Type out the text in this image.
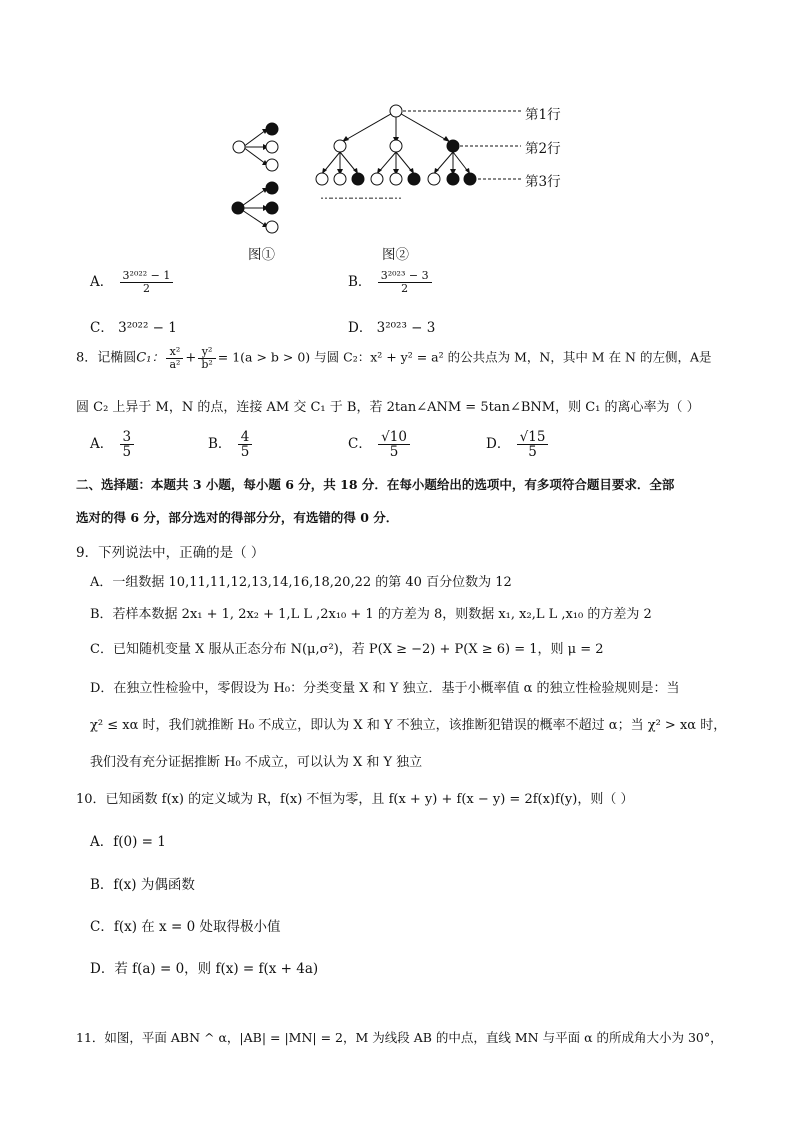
第1行
第2行
第3行
……………………
图①	图②
A． $\frac{\text{3²⁰²² − 1}}{2}$	B． $\frac{\text{3²⁰²³ − 3}}{2}$
C． 3²⁰²² − 1	D． 3²⁰²³ − 3
8．记椭圆C₁： $\frac{\text{x²}}{\text{a²}} + \frac{\text{y²}}{\text{b²}} = 1(a > b > 0)$ 与圆 C₂：x² + y² = a² 的公共点为 M，N，其中 M 在 N 的左侧，A是
圆 C₂ 上异于 M，N 的点，连接 AM 交 C₁ 于 B，若 2tan∠ANM = 5tan∠BNM，则 C₁ 的离心率为（ ）
A． $\frac{3}{5}$	B． $\frac{4}{5}$	C． $\frac{√10}{5}$	D． $\frac{√15}{5}$
二、选择题：本题共 3 小题，每小题 6 分，共 18 分．在每小题给出的选项中，有多项符合题目要求．全部
选对的得 6 分，部分选对的得部分分，有选错的得 0 分．
9．下列说法中，正确的是（ ）
A．一组数据 10,11,11,12,13,14,16,18,20,22 的第 40 百分位数为 12
B．若样本数据 2x₁ + 1, 2x₂ + 1,L L ,2x₁₀ + 1 的方差为 8，则数据 x₁, x₂,L L ,x₁₀ 的方差为 2
C．已知随机变量 X 服从正态分布 N(μ,σ²)，若 P(X ≥ −2) + P(X ≥ 6) = 1，则 μ = 2
D．在独立性检验中，零假设为 H₀：分类变量 X 和 Y 独立．基于小概率值 α 的独立性检验规则是：当
χ² ≤ xα 时，我们就推断 H₀ 不成立，即认为 X 和 Y 不独立，该推断犯错误的概率不超过 α；当 χ² > xα 时，
我们没有充分证据推断 H₀ 不成立，可以认为 X 和 Y 独立
10．已知函数 f(x) 的定义域为 R，f(x) 不恒为零，且 f(x + y) + f(x − y) = 2f(x)f(y)，则（ ）
A．f(0) = 1
B．f(x) 为偶函数
C．f(x) 在 x = 0 处取得极小值
D．若 f(a) = 0，则 f(x) = f(x + 4a)
11．如图，平面 ABN ^ α，|AB| = |MN| = 2，M 为线段 AB 的中点，直线 MN 与平面 α 的所成角大小为 30°，
